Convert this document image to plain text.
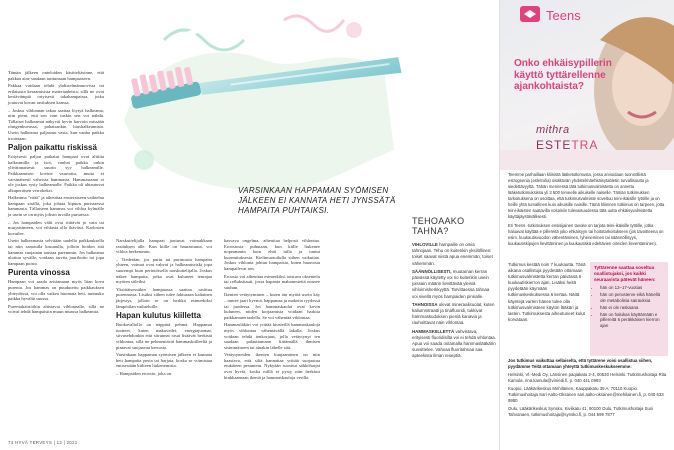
Tämän jälkeen onteloiden käsitteliäsinne, että pakkaa aine saadaan tarttumaan hampaaseen.

Pakkaa voidaan tehdä yhdistelmämuovista tai erilaisista keraamisista materiaaleista, sillä ne ovat kestävämpiä ortyisesti takahampaissa, jotka joutuvat kovan rasituksen kanssa.

– Joskus vihlonnan takaa saattaa löytyä halkeama, niin pieni, että sen vain tuskin sen voi nähdä. Tällaiset halkeamat näkyvät hyvin harvoin missään röntgenkuvassa, pahaisankin hiushalkeamista. Usein halkeama paljastuu vasta, kun vanha paikka irrotetaan.

Paljon paikattu riskissä

Erityisesti paljon paikatut hampaat ovat alttiita halkeamille ja isot, vanhat paikka onkin yliväinnaisesti suurin syy halkeamille. Paikkaamisen kovine vaurioitu, mutta ei varsinaisesti vahvista hammasta. Hammastanut ei ole joskus rysty halkeamalle. Paikka oli ahtautuvat alkuperäisen verrokeksi.

Halkeama "väää" ja aiheuttaa ensteraiseen vaihtelua hampaan sisällä, joka johtaa kipuun puristaessa hammasta. Tällaiseen hammas voi vihloa kylmälle ja usein se on myös jolisin tuvalla purtaessa.

– Jos hampaiden välit ovat riittävät jo vain tai murjaisimeen, voi vihlasta olla ikävästi. Karlosien kuvailee.

Usein halkeamasta selvitään uudella paikkauksella tai niin sanotulla kruunulla, jolloin hoidon sitä hammas suojataan taustaa paremmin. Jos halkeama ulottuu syvälle, voidaan tarvita juurihoito tai jopa hampaan poisto.

Purenta vinossa

Hampaan voi saada aristamaan myös liian kova purenta. Jos hammas on puudutettu paikkauksen yhteydessä, voi olla vaikea huomata heti, tuntuuko paikka hyvältä suussa.

Purentahäiriöihin altistavat vihlonnalle, sillä ne voivat tehdä hampaisiin muun muassa halkeamia.

VARSINKAAN HAPPAMAN SYÖMISEN JÄLKEEN EI KANNATA HETI JYNSSÄTÄ HAMPAITA PUHTAIKSI.

Narskuttelijalla hampaat joutuvat voimakkaan rasituksen alle. Kun kiille on haurastunut, voi vihloa herkemmin.

– Tiedetään, jos purtu tai purimusta hampaita yhteen, voimat ovat vahvat ja halkeamisriski jopa suurempi kuin perintöisellä narskuttelijalla. Joskus näkee hampaita, jotka ovat kuluneet ienrajaa myöten siileiksi.

Yksittäisessäkin hampaassa saattaa rasittua purennassa. Lisäksi siihen tulee fakturaan kaltainen järjestys, jolloin se on herkkä esimerkiksi lämpötilan vaihteluille.

Hapan kulutus kiilletta

Ruokavaliolla on näppärä pehmä. Happamat tuotteet, kuten makuvedet, energiajuomat, siivusehdonkin että sitruunat rasat lisäävät herkistä vihlontaa, sillä ne pehmentävät hammaskiilleeltä ja pintavat suojaavaa kerrosta.

Varsinkaan happaman syömisen jälkeen ei kannata heti hampaita pesta tai harjata, koska se voimistaa entisestään kiilteen liukenemista.

– Hampaiden eroosio, joka on

kasvava ongelma, aiheuttaa helposti vihlontaa. Eroosiosta puhutaan, kun kiille liukenee nopeammin kuin ehtii tulla ja tuntui kuormituksesta. Kielimuotoilulla siihen vaikuttaa. Joskus vihlonta johtuu hampaista, kuten huonosta hampailevat sen.

Eroosio voi aiheuttaa esimerkiksi toistuva oksentelu tai refluksitauti, jossa hapanta mahanestettä nousee suuhun.

Ikenien vetäytyminen – kuten iän myötä usein käy – tuntee jaari kyvmä, happamaa ja makeita ryydessä tai juodessa. Jos hammaskaulat ovat kovin kuluneet, niiden korjaamista voidaan harkita paikkamateriaalella. Se voi vähentää vihlontaa.

Hammasläkäri voi yrittää kiusteillä hammaskauloja myös vihlontaa vähentävällä lakalla. Joskus voidaan tehdä ienkorjaus, jolla vetäytynyt ien saadaan palauttamaan liittämällä ihmisen sisimmäiseen tai ainakin lähelle sitä.

Vetäytyneiden ikenien kunjaaminen on niin haastava, että siltä kannattaa yrittää suojautua etukäteen pesuntein. Nykyään suositut sähköharjat ovat hyviä, koska niillä ei pysty niin herkästi hinkkaamaan ikeniä ja hammaskauloja verilla.

TEHOAAKO TAHNA?

VIHLOVILLE hampaille on omia tahnojaan. Teho on kuitenkin yksilöllinen: toiset saavat niistä apua enemmän, toiset vähemmän.

SÄÄNNÖLLISESTI, muutaman kerran päivässä käytetty voi no kuitenkin usein joissain määrin lievittävää yleisiä vihloimisherkkyyttä. Tarvittaessa tahnaa voi sivellä myös hampaiden pinnalle.

TAHNOISSA olevat mineraalisuolat, kuten kaliumnitraatti ja tinafluoridi, tukkivat hammaskudoksen pieniä kanavia ja rauhoittavat näin vihlontaa.

HAMMASKIILLETTÄ vahvistava, erityisesti fluoridisilta voi ei tehdä vihlontaa. Apua voi saada ostamalla hammaslääkärin suosittelee. Vahvaa fluoritahnaa saa apteekista ilman reseptiä.

74 HYVÄ TERVEYS | 12 | 2021
Teens
Onko ehkäisypillerin käyttö tyttärellenne ajankohtaista?
mithra
ESTETRA

Teemme parhaillaan kliinistä lääketutkimusta, jossa arvioidaan tuonnöllistä estrogeenia (estetrolia) sisältävän yhdistelmäehkäisytabletin turvallisuutta ja siedettävyyttä. Tähän mennessä tätä tutkimusvalmistetta on annettu lääketutkimuksissa yli 3 500 terveelle aikuiselle naiselle. Tämän tutkimuksen tarkoituksena on osoittaa, että tutkimusvalmiste soveltuu teini-ikäisille tytöille ja on heille yhtä turvallinen kuin aikuisille naisille. Tämä kliininen tutkimus on tarpeen, jotta teini-ikäisten saatavilla voitaisiin tulevaisuudessa tätä uutta ehkäisyvalmistetta käyttäjäystävällisesti.

Eri Teens -tutkimuksen ensisijainen tavoite on tarjota teini-ikäisille tytöille, jotka haluavat käyttää e pillereitä joko ehkäisyyn tai hoitotarkoitukseen (jos tavoitteena on esim. kuukautisvuodon vähentäminen, lyheneminen tai säännöllisyys, kuukautiskipujen lievittäminen ja kuukautiskä edeltävien oireiden lieventäminen).

Tutkimus kestää noin 7 kuukautta. Tänä aikana osallistuja pyydetään ottamaan tutkimusvalmistetta kerran päivässä 6 kuukautiskierron ajan. Lisäksi heitä pyydetään käymään tutkimuskeskuksessa 6 kertaa. Näitä käyntejä varten hänen tulee olla tutkimusvalmisteen käytön lääkäri ja lasten. Tutkimuksesta aiheutuneet kulut korvataan.
Tyttärenne saattaa soveltua osallistujaksi, jos kaikki seuraavista pätevät häneen:
• hän on 12–17-vuotias
• hän on perusterve eikä hänellä ole metabolisia sairauksia
• hän ei ole raskaana
• hän on halukas käyttämään e pillereitä 6 peräkkäisen kierron ajan

Jos tutkimus vaikuttaa sellaiselta, että tyttärene voisi osallistua siihen, pyydämme Teitä ottamaan yhteyttä tutkimuskeskukseemme:

Helsinki, Vl.-Medi Oy, Länsinen paqiakatu 2-4, 00530 Helsinki. Tutkimushoitaja Rita Kamula, rina.kamula@vimedi.fi, p. 040 441 0993

Kuopio, Lääkärikeskus Mehiläinen, Kauppakatu 39 A, 70110 Kuopio. Tutkimushoitaja Sari Aalto-Oksanen sari.aalto-oksanen@mehilainen.fi, p. 040 633 9950

Oulu, Lääkärikeskus Synsko, Kiviikatu 41, 90100 Oulu. Tutkimushoitaja Susi Tahvanaen, tutkimushoitaja@synsko.fi, p. 044 599 7877
